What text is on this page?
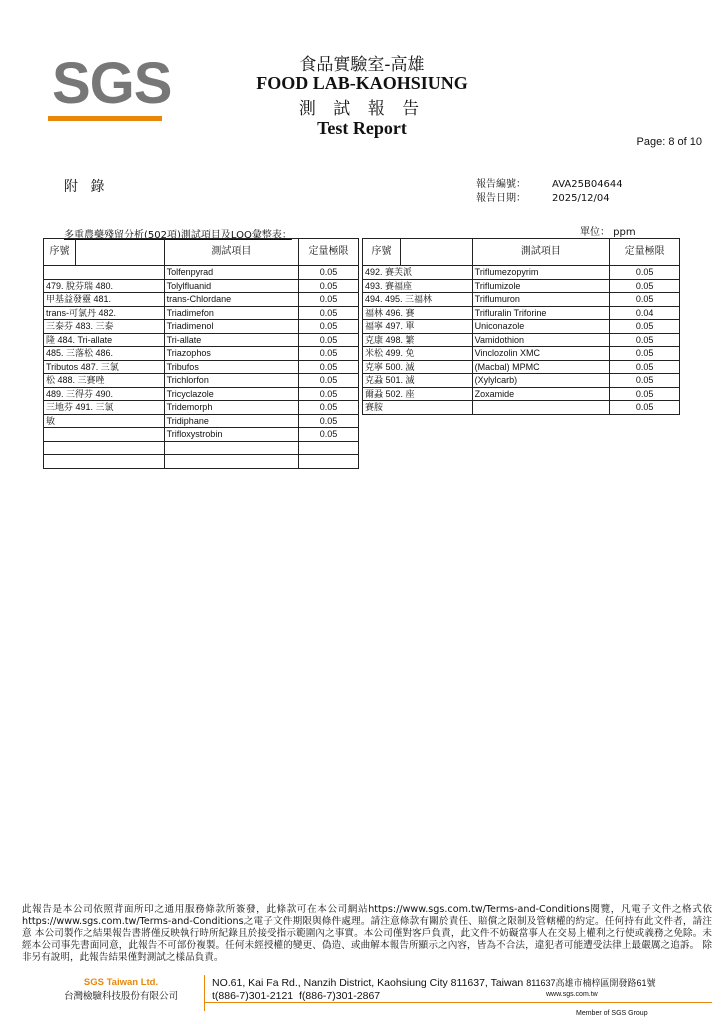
SGS	食品實驗室-高雄
FOOD LAB-KAOHSIUNG
測 試 報 告
Test Report
Page: 8 of 10
附 錄	報告編號：	AVA25B04644
報告日期：	2025/12/04
多重農藥殘留分析(502項)測試項目及LOQ彙整表：	單位： ppm
序號		測試項目	定量極限
		Tolfenpyrad	0.05
479. 脫芬瑞 480.		Tolylfluanid	0.05
甲基益發靈 481.		trans-Chlordane	0.05
trans-可氯丹 482.		Triadimefon	0.05
三泰芬 483. 三泰		Triadimenol	0.05
隆 484. Tri-allate		Tri-allate	0.05
485. 三落松 486.		Triazophos	0.05
Tributos 487. 三氯		Tribufos	0.05
松 488. 三賽唑		Trichlorfon	0.05
489. 三得芬 490.		Tricyclazole	0.05
三地芬 491. 三氯		Tridemorph	0.05
敏		Tridiphane	0.05
		Trifloxystrobin	0.05

序號		測試項目	定量極限
492. 賽芙派		Triflumezopyrim	0.05
493. 賽福座		Triflumizole	0.05
494. 495. 三福林		Triflumuron	0.05
福林 496. 賽		Trifluralin Triforine	0.04
福寧 497. 單		Uniconazole	0.05
克康 498. 繁		Vamidothion	0.05
米松 499. 免		Vinclozolin XMC	0.05
克寧 500. 滅		(Macbal) MPMC	0.05
克蝨 501. 滅		(Xylylcarb)	0.05
爾蝨 502. 座		Zoxamide	0.05
賽胺			0.05
此報告是本公司依照背面所印之通用服務條款所簽發，此條款可在本公司網站https://www.sgs.com.tw/Terms-and-Conditions閱覽，凡電子文件之格式依 https://www.sgs.com.tw/Terms-and-Conditions之電子文件期限與條件處理。請注意條款有關於責任、賠償之限制及管轄權的約定。任何持有此文件者，請注意 本公司製作之結果報告書將僅反映執行時所紀錄且於接受指示範圍內之事實。本公司僅對客戶負責，此文件不妨礙當事人在交易上權利之行使或義務之免除。未 經本公司事先書面同意，此報告不可部份複製。任何未經授權的變更、偽造、或曲解本報告所顯示之內容，皆為不合法，違犯者可能遭受法律上最嚴厲之追訴。 除非另有說明，此報告結果僅對測試之樣品負責。
SGS Taiwan Ltd.
台灣檢驗科技股份有限公司
NO.61, Kai Fa Rd., Nanzih District, Kaohsiung City 811637, Taiwan 811637高雄市楠梓區開發路61號
t(886-7)301-2121 f(886-7)301-2867	www.sgs.com.tw
Member of SGS Group
